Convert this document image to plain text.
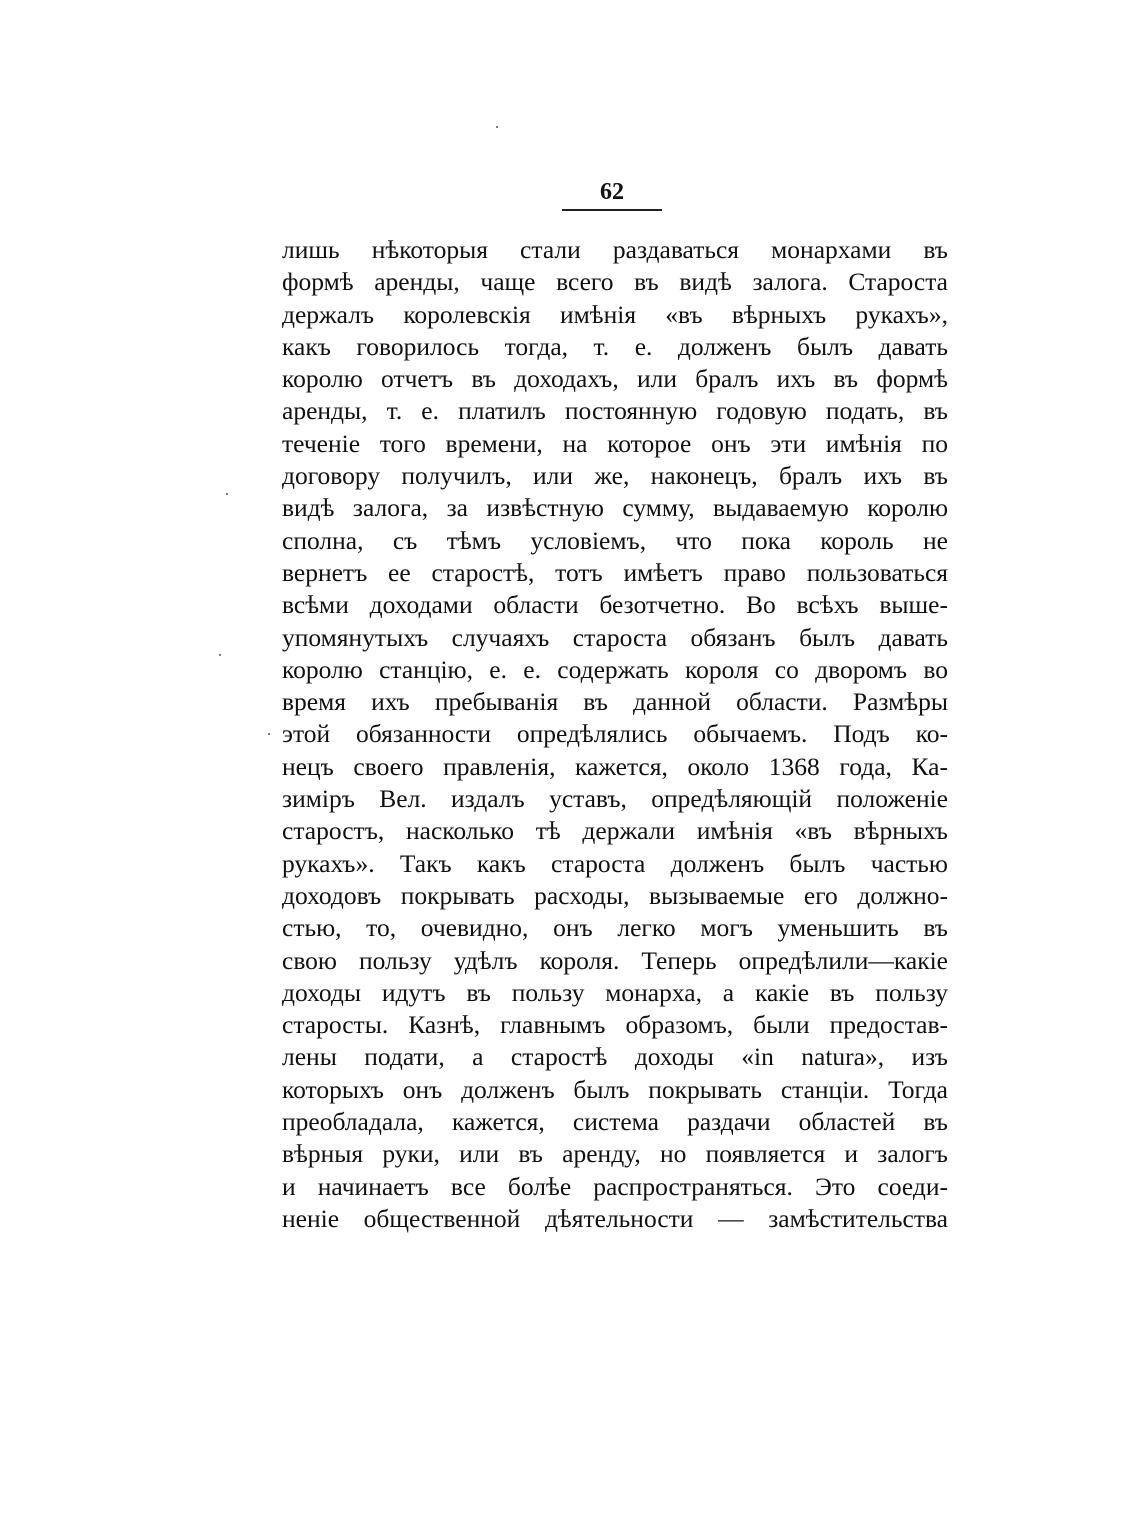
62
лишь нѣкоторыя стали раздаваться монархами въ
формѣ аренды, чаще всего въ видѣ залога. Староста
держалъ королевскія имѣнія «въ вѣрныхъ рукахъ»,
какъ говорилось тогда, т. е. долженъ былъ давать
королю отчетъ въ доходахъ, или бралъ ихъ въ формѣ
аренды, т. е. платилъ постоянную годовую подать, въ
теченіе того времени, на которое онъ эти имѣнія по
договору получилъ, или же, наконецъ, бралъ ихъ въ
видѣ залога, за извѣстную сумму, выдаваемую королю
сполна, съ тѣмъ условіемъ, что пока король не
вернетъ ее старостѣ, тотъ имѣетъ право пользоваться
всѣми доходами области безотчетно. Во всѣхъ выше-
упомянутыхъ случаяхъ староста обязанъ былъ давать
королю станцію, е. е. содержать короля со дворомъ во
время ихъ пребыванія въ данной области. Размѣры
этой обязанности опредѣлялись обычаемъ. Подъ ко-
нецъ своего правленія, кажется, около 1368 года, Ка-
зиміръ Вел. издалъ уставъ, опредѣляющій положеніе
старостъ, насколько тѣ держали имѣнія «въ вѣрныхъ
рукахъ». Такъ какъ староста долженъ былъ частью
доходовъ покрывать расходы, вызываемые его должно-
стью, то, очевидно, онъ легко могъ уменьшить въ
свою пользу удѣлъ короля. Теперь опредѣлили—какіе
доходы идутъ въ пользу монарха, а какіе въ пользу
старосты. Казнѣ, главнымъ образомъ, были предостав-
лены подати, а старостѣ доходы «in natura», изъ
которыхъ онъ долженъ былъ покрывать станціи. Тогда
преобладала, кажется, система раздачи областей въ
вѣрныя руки, или въ аренду, но появляется и залогъ
и начинаетъ все болѣе распространяться. Это соеди-
неніе общественной дѣятельности — замѣстительства
